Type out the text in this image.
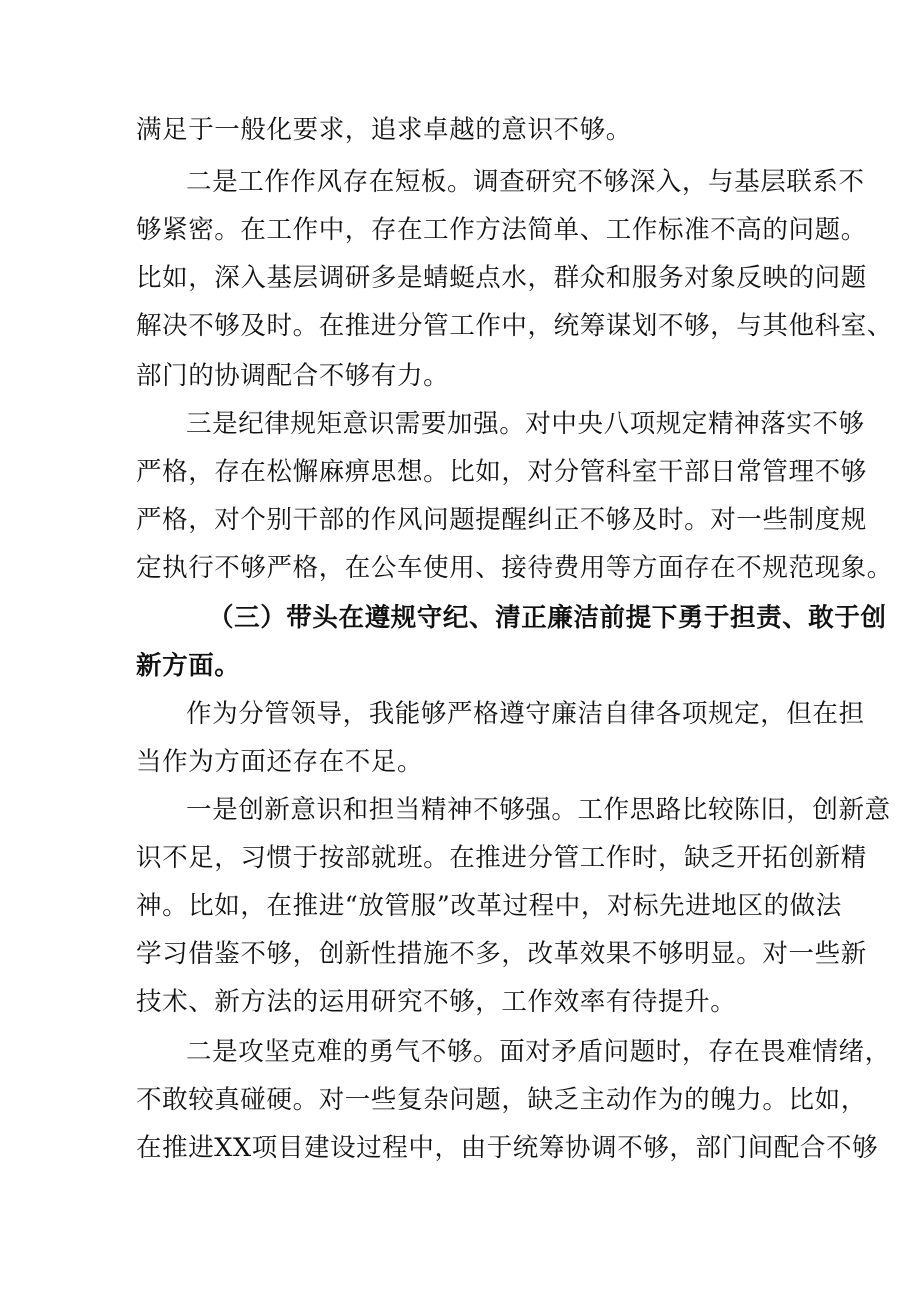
满足于一般化要求，追求卓越的意识不够。
二是工作作风存在短板。调查研究不够深入，与基层联系不
够紧密。在工作中，存在工作方法简单、工作标准不高的问题。
比如，深入基层调研多是蜻蜓点水，群众和服务对象反映的问题
解决不够及时。在推进分管工作中，统筹谋划不够，与其他科室、
部门的协调配合不够有力。
三是纪律规矩意识需要加强。对中央八项规定精神落实不够
严格，存在松懈麻痹思想。比如，对分管科室干部日常管理不够
严格，对个别干部的作风问题提醒纠正不够及时。对一些制度规
定执行不够严格，在公车使用、接待费用等方面存在不规范现象。
（三）带头在遵规守纪、清正廉洁前提下勇于担责、敢于创
新方面。
作为分管领导，我能够严格遵守廉洁自律各项规定，但在担
当作为方面还存在不足。
一是创新意识和担当精神不够强。工作思路比较陈旧，创新意
识不足，习惯于按部就班。在推进分管工作时，缺乏开拓创新精
神。比如，在推进“放管服”改革过程中，对标先进地区的做法
学习借鉴不够，创新性措施不多，改革效果不够明显。对一些新
技术、新方法的运用研究不够，工作效率有待提升。
二是攻坚克难的勇气不够。面对矛盾问题时，存在畏难情绪，
不敢较真碰硬。对一些复杂问题，缺乏主动作为的魄力。比如，
在推进XX项目建设过程中，由于统筹协调不够，部门间配合不够
